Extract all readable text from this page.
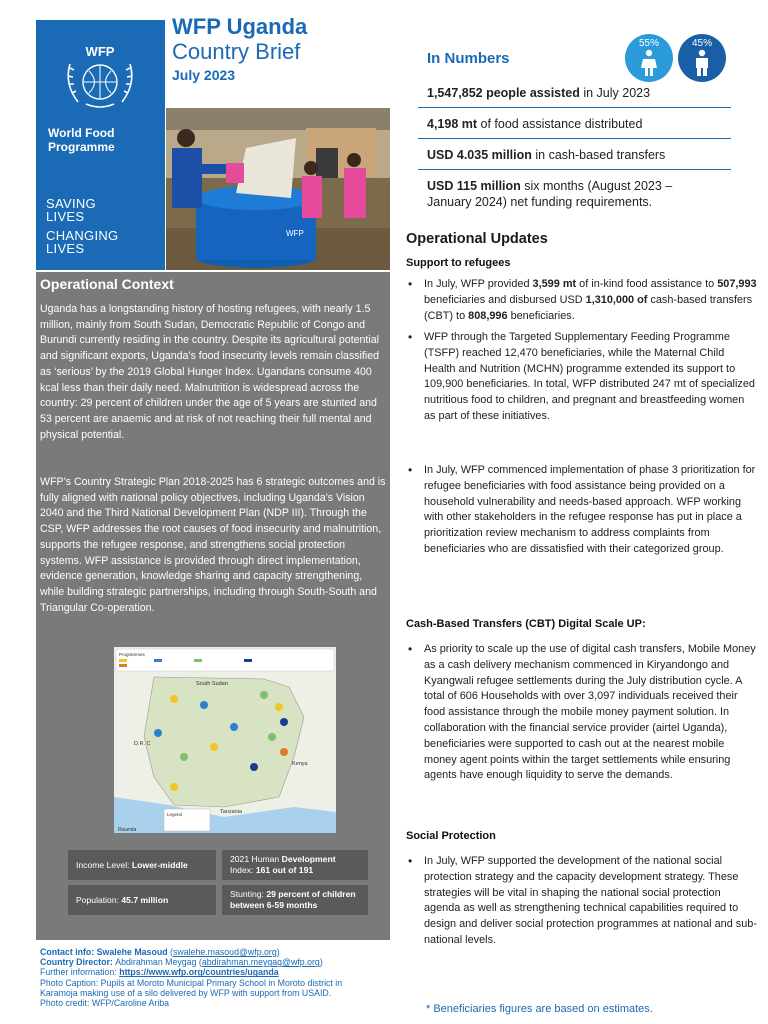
WFP
World Food
Programme
SAVING
LIVES
CHANGING
LIVES
WFP Uganda
Country Brief
July 2023
WFP
In Numbers
55%	45%
1,547,852 people assisted in July 2023
4,198 mt of food assistance distributed
USD 4.035 million in cash-based transfers
USD 115 million six months (August 2023 – January 2024) net funding requirements.
Operational Context
Uganda has a longstanding history of hosting refugees, with nearly 1.5 million, mainly from South Sudan, Democratic Republic of Congo and Burundi currently residing in the country. Despite its agricultural potential and significant exports, Uganda’s food insecurity levels remain classified as ‘serious’ by the 2019 Global Hunger Index. Ugandans consume 400 kcal less than their daily need. Malnutrition is widespread across the country: 29 percent of children under the age of 5 years are stunted and 53 percent are anaemic and at risk of not reaching their full mental and physical potential.
WFP’s Country Strategic Plan 2018-2025 has 6 strategic outcomes and is fully aligned with national policy objectives, including Uganda’s Vision 2040 and the Third National Development Plan (NDP III). Through the CSP, WFP addresses the root causes of food insecurity and malnutrition, supports the refugee response, and strengthens social protection systems. WFP assistance is provided through direct implementation, evidence generation, knowledge sharing and capacity strengthening, while building strategic partnerships, including through South-South and Triangular Co-operation.
Programmes
South Sudan
D.R. C
Kenya
Tanzania
Rwanda
Legend
Income Level: Lower-middle
2021 Human Development
Index: 161 out of 191
Population: 45.7 million
Stunting: 29 percent of children
between 6-59 months
Contact info: Swalehe Masoud (swalehe.masoud@wfp.org)
Country Director: Abdirahman Meygag (abdirahman.meygag@wfp.org)
Further information: https://www.wfp.org/countries/uganda
Photo Caption: Pupils at Moroto Municipal Primary School in Moroto district in
Karamoja making use of a silo delivered by WFP with support from USAID.
Photo credit: WFP/Caroline Ariba
Operational Updates
Support to refugees
• In July, WFP provided 3,599 mt of in-kind food assistance to 507,993 beneficiaries and disbursed USD 1,310,000 of cash-based transfers (CBT) to 808,996 beneficiaries.
• WFP through the Targeted Supplementary Feeding Programme (TSFP) reached 12,470 beneficiaries, while the Maternal Child Health and Nutrition (MCHN) programme extended its support to 109,900 beneficiaries. In total, WFP distributed 247 mt of specialized nutritious food to children, and pregnant and breastfeeding women as part of these initiatives.
• In July, WFP commenced implementation of phase 3 prioritization for refugee beneficiaries with food assistance being provided on a household vulnerability and needs-based approach. WFP working with other stakeholders in the refugee response has put in place a prioritization review mechanism to address complaints from beneficiaries who are dissatisfied with their categorized group.
Cash-Based Transfers (CBT) Digital Scale UP:
• As priority to scale up the use of digital cash transfers, Mobile Money as a cash delivery mechanism commenced in Kiryandongo and Kyangwali refugee settlements during the July distribution cycle. A total of 606 Households with over 3,097 individuals received their food assistance through the mobile money payment solution. In collaboration with the financial service provider (airtel Uganda), beneficiaries were supported to cash out at the nearest mobile money agent points within the target settlements while ensuring agents have enough liquidity to serve the demands.
Social Protection
• In July, WFP supported the development of the national social protection strategy and the capacity development strategy. These strategies will be vital in shaping the national social protection agenda as well as strengthening technical capabilities required to design and deliver social protection programmes at national and sub-national levels.
* Beneficiaries figures are based on estimates.
